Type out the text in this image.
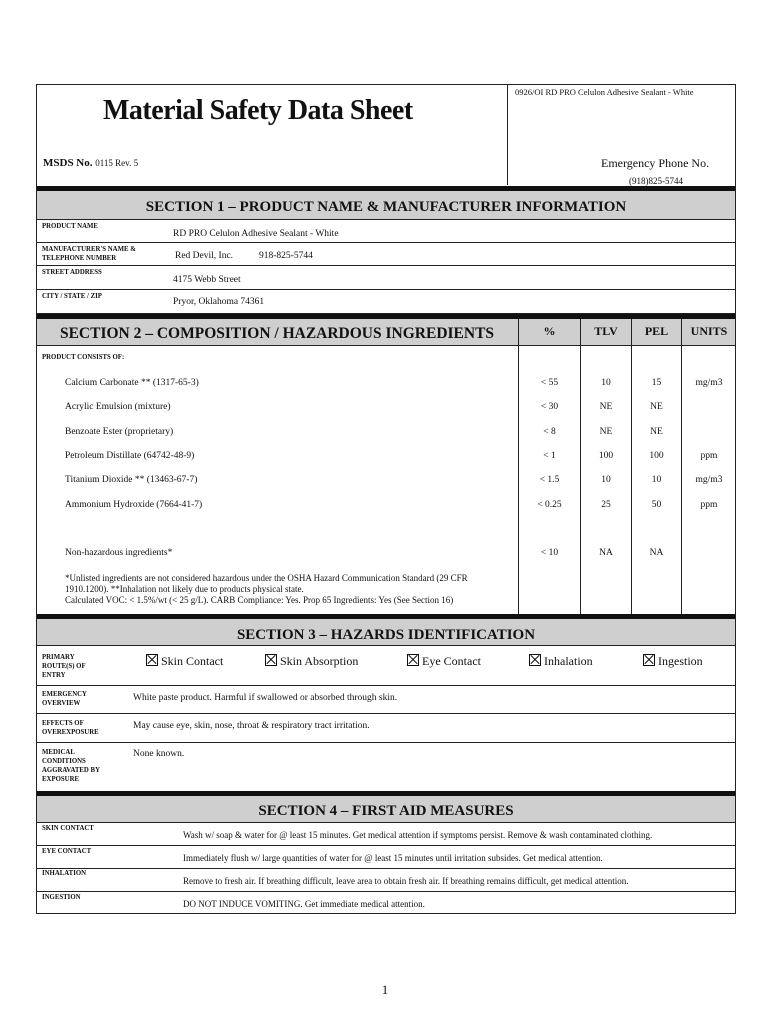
Material Safety Data Sheet
0926/OI RD PRO Celulon Adhesive Sealant - White
MSDS No. 0115 Rev. 5	Emergency Phone No.
(918)825-5744
SECTION 1 – PRODUCT NAME & MANUFACTURER INFORMATION
PRODUCT NAME
RD PRO Celulon Adhesive Sealant - White
MANUFACTURER'S NAME & TELEPHONE NUMBER	Red Devil, Inc.	918-825-5744
STREET ADDRESS
4175 Webb Street
CITY / STATE / ZIP
Pryor, Oklahoma 74361
SECTION 2 – COMPOSITION / HAZARDOUS INGREDIENTS	%	TLV	PEL	UNITS
PRODUCT CONSISTS OF:
Calcium Carbonate ** (1317-65-3)	< 55	10	15	mg/m3
Acrylic Emulsion (mixture)	< 30	NE	NE
Benzoate Ester (proprietary)	< 8	NE	NE
Petroleum Distillate (64742-48-9)	< 1	100	100	ppm
Titanium Dioxide ** (13463-67-7)	< 1.5	10	10	mg/m3
Ammonium Hydroxide (7664-41-7)	< 0.25	25	50	ppm
Non-hazardous ingredients*	< 10	NA	NA
*Unlisted ingredients are not considered hazardous under the OSHA Hazard Communication Standard (29 CFR
1910.1200). **Inhalation not likely due to products physical state.
Calculated VOC: < 1.5%/wt (< 25 g/L). CARB Compliance: Yes. Prop 65 Ingredients: Yes (See Section 16)
SECTION 3 – HAZARDS IDENTIFICATION
PRIMARY ROUTE(S) OF ENTRY
Skin Contact	Skin Absorption	Eye Contact	Inhalation	Ingestion
EMERGENCY OVERVIEW
White paste product. Harmful if swallowed or absorbed through skin.
EFFECTS OF OVEREXPOSURE
May cause eye, skin, nose, throat & respiratory tract irritation.
MEDICAL CONDITIONS AGGRAVATED BY EXPOSURE
None known.
SECTION 4 – FIRST AID MEASURES
SKIN CONTACT
Wash w/ soap & water for @ least 15 minutes. Get medical attention if symptoms persist. Remove & wash contaminated clothing.
EYE CONTACT
Immediately flush w/ large quantities of water for @ least 15 minutes until irritation subsides. Get medical attention.
INHALATION
Remove to fresh air. If breathing difficult, leave area to obtain fresh air. If breathing remains difficult, get medical attention.
INGESTION
DO NOT INDUCE VOMITING. Get immediate medical attention.
1
